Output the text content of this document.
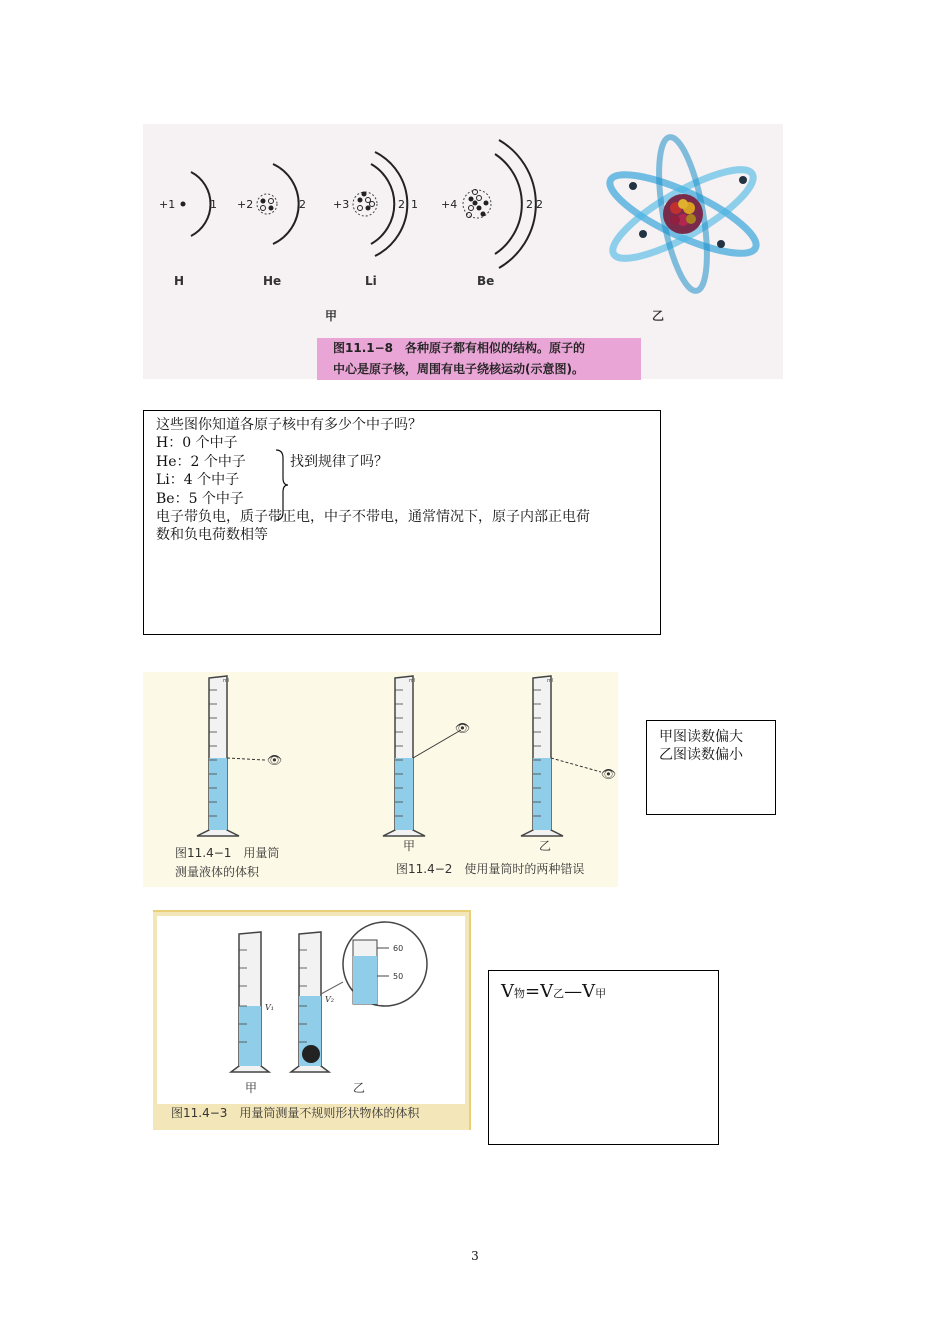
+1	1 +2	2 +3	2 1 +4	2 2
H	He	Li	Be
甲	乙
图11.1−8　各种原子都有相似的结构。原子的
中心是原子核，周围有电子绕核运动(示意图)。
这些图你知道各原子核中有多少个中子吗？
H：0 个中子
He：2 个中子
Li：4 个中子
Be：5 个中子
找到规律了吗？
电子带负电，质子带正电，中子不带电，通常情况下，原子内部正电荷
数和负电荷数相等
👁
👁
👁
ml	ml	ml
图11.4−1　用量筒
测量液体的体积
甲	乙
图11.4−2　使用量筒时的两种错误
甲图读数偏大
乙图读数偏小
V₁
V₂
60
50
甲	乙
图11.4−3　用量筒测量不规则形状物体的体积
V物=V乙—V甲
3
